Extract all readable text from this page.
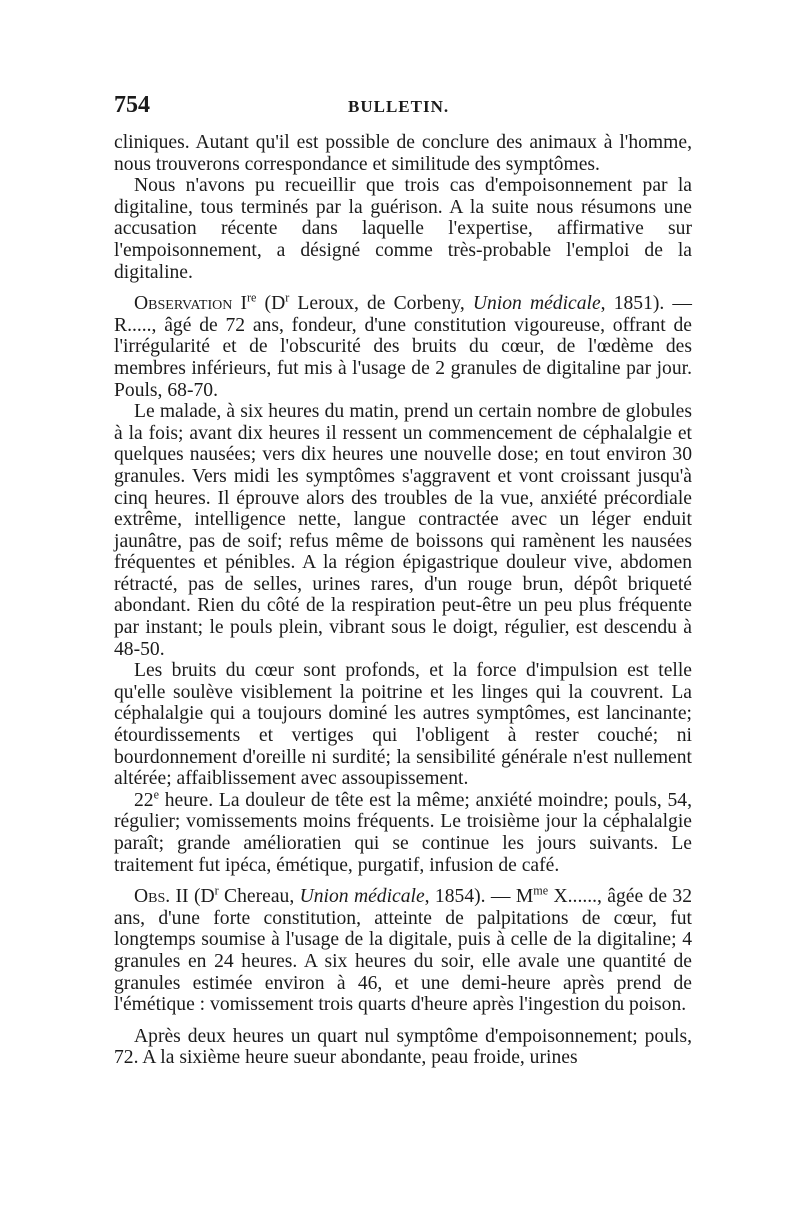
754	BULLETIN.

cliniques. Autant qu'il est possible de conclure des animaux à l'homme, nous trouverons correspondance et similitude des symptômes.

Nous n'avons pu recueillir que trois cas d'empoisonnement par la digitaline, tous terminés par la guérison. A la suite nous résumons une accusation récente dans laquelle l'expertise, affirmative sur l'empoisonnement, a désigné comme très-probable l'emploi de la digitaline.

Observation Ire ($D^r$ Leroux, de Corbeny, Union médicale, 1851). — R....., âgé de 72 ans, fondeur, d'une constitution vigoureuse, offrant de l'irrégularité et de l'obscurité des bruits du cœur, de l'œdème des membres inférieurs, fut mis à l'usage de 2 granules de digitaline par jour. Pouls, 68-70.

Le malade, à six heures du matin, prend un certain nombre de globules à la fois; avant dix heures il ressent un commencement de céphalalgie et quelques nausées; vers dix heures une nouvelle dose; en tout environ 30 granules. Vers midi les symptômes s'aggravent et vont croissant jusqu'à cinq heures. Il éprouve alors des troubles de la vue, anxiété précordiale extrême, intelligence nette, langue contractée avec un léger enduit jaunâtre, pas de soif; refus même de boissons qui ramènent les nausées fréquentes et pénibles. A la région épigastrique douleur vive, abdomen rétracté, pas de selles, urines rares, d'un rouge brun, dépôt briqueté abondant. Rien du côté de la respiration peut-être un peu plus fréquente par instant; le pouls plein, vibrant sous le doigt, régulier, est descendu à 48-50.

Les bruits du cœur sont profonds, et la force d'impulsion est telle qu'elle soulève visiblement la poitrine et les linges qui la couvrent. La céphalalgie qui a toujours dominé les autres symptômes, est lancinante; étourdissements et vertiges qui l'obligent à rester couché; ni bourdonnement d'oreille ni surdité; la sensibilité générale n'est nullement altérée; affaiblissement avec assoupissement.

22e heure. La douleur de tête est la même; anxiété moindre; pouls, 54, régulier; vomissements moins fréquents. Le troisième jour la céphalalgie paraît; grande amélioratien qui se continue les jours suivants. Le traitement fut ipéca, émétique, purgatif, infusion de café.

Obs. II ($D^r$ Chereau, Union médicale, 1854). — $M^{me}$ X......, âgée de 32 ans, d'une forte constitution, atteinte de palpitations de cœur, fut longtemps soumise à l'usage de la digitale, puis à celle de la digitaline; 4 granules en 24 heures. A six heures du soir, elle avale une quantité de granules estimée environ à 46, et une demi-heure après prend de l'émétique : vomissement trois quarts d'heure après l'ingestion du poison.

Après deux heures un quart nul symptôme d'empoisonnement; pouls, 72. A la sixième heure sueur abondante, peau froide, urines
